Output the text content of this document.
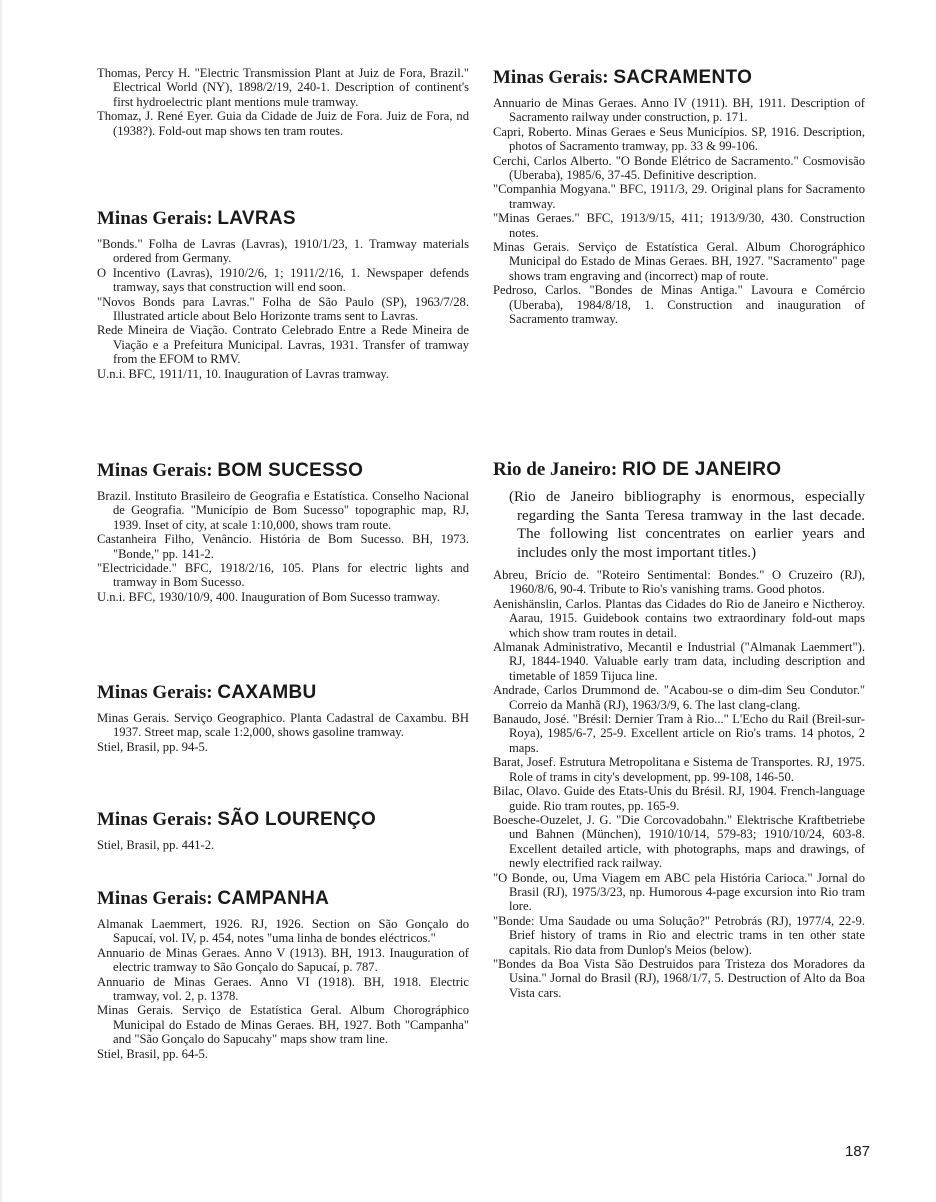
Thomas, Percy H. "Electric Transmission Plant at Juiz de Fora, Brazil." Electrical World (NY), 1898/2/19, 240-1. Description of continent's first hydroelectric plant mentions mule tramway.

Thomaz, J. René Eyer. Guia da Cidade de Juiz de Fora. Juiz de Fora, nd (1938?). Fold-out map shows ten tram routes.

Minas Gerais: LAVRAS

"Bonds." Folha de Lavras (Lavras), 1910/1/23, 1. Tramway materials ordered from Germany.

O Incentivo (Lavras), 1910/2/6, 1; 1911/2/16, 1. Newspaper defends tramway, says that construction will end soon.

"Novos Bonds para Lavras." Folha de São Paulo (SP), 1963/7/28. Illustrated article about Belo Horizonte trams sent to Lavras.

Rede Mineira de Viação. Contrato Celebrado Entre a Rede Mineira de Viação e a Prefeitura Municipal. Lavras, 1931. Transfer of tramway from the EFOM to RMV.

U.n.i. BFC, 1911/11, 10. Inauguration of Lavras tramway.

Minas Gerais: BOM SUCESSO

Brazil. Instituto Brasileiro de Geografia e Estatística. Conselho Nacional de Geografia. "Município de Bom Sucesso" topographic map, RJ, 1939. Inset of city, at scale 1:10,000, shows tram route.

Castanheira Filho, Venâncio. História de Bom Sucesso. BH, 1973. "Bonde," pp. 141-2.

"Electricidade." BFC, 1918/2/16, 105. Plans for electric lights and tramway in Bom Sucesso.

U.n.i. BFC, 1930/10/9, 400. Inauguration of Bom Sucesso tramway.

Minas Gerais: CAXAMBU

Minas Gerais. Serviço Geographico. Planta Cadastral de Caxambu. BH 1937. Street map, scale 1:2,000, shows gasoline tramway.

Stiel, Brasil, pp. 94-5.

Minas Gerais: SÃO LOURENÇO

Stiel, Brasil, pp. 441-2.

Minas Gerais: CAMPANHA

Almanak Laemmert, 1926. RJ, 1926. Section on São Gonçalo do Sapucaí, vol. IV, p. 454, notes "uma linha de bondes eléctricos."

Annuario de Minas Geraes. Anno V (1913). BH, 1913. Inauguration of electric tramway to São Gonçalo do Sapucaí, p. 787.

Annuario de Minas Geraes. Anno VI (1918). BH, 1918. Electric tramway, vol. 2, p. 1378.

Minas Gerais. Serviço de Estatística Geral. Album Chorográphico Municipal do Estado de Minas Geraes. BH, 1927. Both "Campanha" and "São Gonçalo do Sapucahy" maps show tram line.

Stiel, Brasil, pp. 64-5.

Minas Gerais: SACRAMENTO

Annuario de Minas Geraes. Anno IV (1911). BH, 1911. Description of Sacramento railway under construction, p. 171.

Capri, Roberto. Minas Geraes e Seus Municípios. SP, 1916. Description, photos of Sacramento tramway, pp. 33 & 99-106.

Cerchi, Carlos Alberto. "O Bonde Elétrico de Sacramento." Cosmovisão (Uberaba), 1985/6, 37-45. Definitive description.

"Companhia Mogyana." BFC, 1911/3, 29. Original plans for Sacramento tramway.

"Minas Geraes." BFC, 1913/9/15, 411; 1913/9/30, 430. Construction notes.

Minas Gerais. Serviço de Estatística Geral. Album Chorográphico Municipal do Estado de Minas Geraes. BH, 1927. "Sacramento" page shows tram engraving and (incorrect) map of route.

Pedroso, Carlos. "Bondes de Minas Antiga." Lavoura e Comércio (Uberaba), 1984/8/18, 1. Construction and inauguration of Sacramento tramway.

Rio de Janeiro: RIO DE JANEIRO

(Rio de Janeiro bibliography is enormous, especially regarding the Santa Teresa tramway in the last decade. The following list concentrates on earlier years and includes only the most important titles.)

Abreu, Brício de. "Roteiro Sentimental: Bondes." O Cruzeiro (RJ), 1960/8/6, 90-4. Tribute to Rio's vanishing trams. Good photos.

Aenishänslin, Carlos. Plantas das Cidades do Rio de Janeiro e Nictheroy. Aarau, 1915. Guidebook contains two extraordinary fold-out maps which show tram routes in detail.

Almanak Administrativo, Mecantil e Industrial ("Almanak Laemmert"). RJ, 1844-1940. Valuable early tram data, including description and timetable of 1859 Tijuca line.

Andrade, Carlos Drummond de. "Acabou-se o dim-dim Seu Condutor." Correio da Manhã (RJ), 1963/3/9, 6. The last clang-clang.

Banaudo, José. "Brésil: Dernier Tram à Rio..." L'Echo du Rail (Breil-sur-Roya), 1985/6-7, 25-9. Excellent article on Rio's trams. 14 photos, 2 maps.

Barat, Josef. Estrutura Metropolitana e Sistema de Transportes. RJ, 1975. Role of trams in city's development, pp. 99-108, 146-50.

Bilac, Olavo. Guide des Etats-Unis du Brésil. RJ, 1904. French-language guide. Rio tram routes, pp. 165-9.

Boesche-Ouzelet, J. G. "Die Corcovadobahn." Elektrische Kraftbetriebe und Bahnen (München), 1910/10/14, 579-83; 1910/10/24, 603-8. Excellent detailed article, with photographs, maps and drawings, of newly electrified rack railway.

"O Bonde, ou, Uma Viagem em ABC pela História Carioca." Jornal do Brasil (RJ), 1975/3/23, np. Humorous 4-page excursion into Rio tram lore.

"Bonde: Uma Saudade ou uma Solução?" Petrobrás (RJ), 1977/4, 22-9. Brief history of trams in Rio and electric trams in ten other state capitals. Rio data from Dunlop's Meios (below).

"Bondes da Boa Vista São Destruidos para Tristeza dos Moradores da Usina." Jornal do Brasil (RJ), 1968/1/7, 5. Destruction of Alto da Boa Vista cars.

187
